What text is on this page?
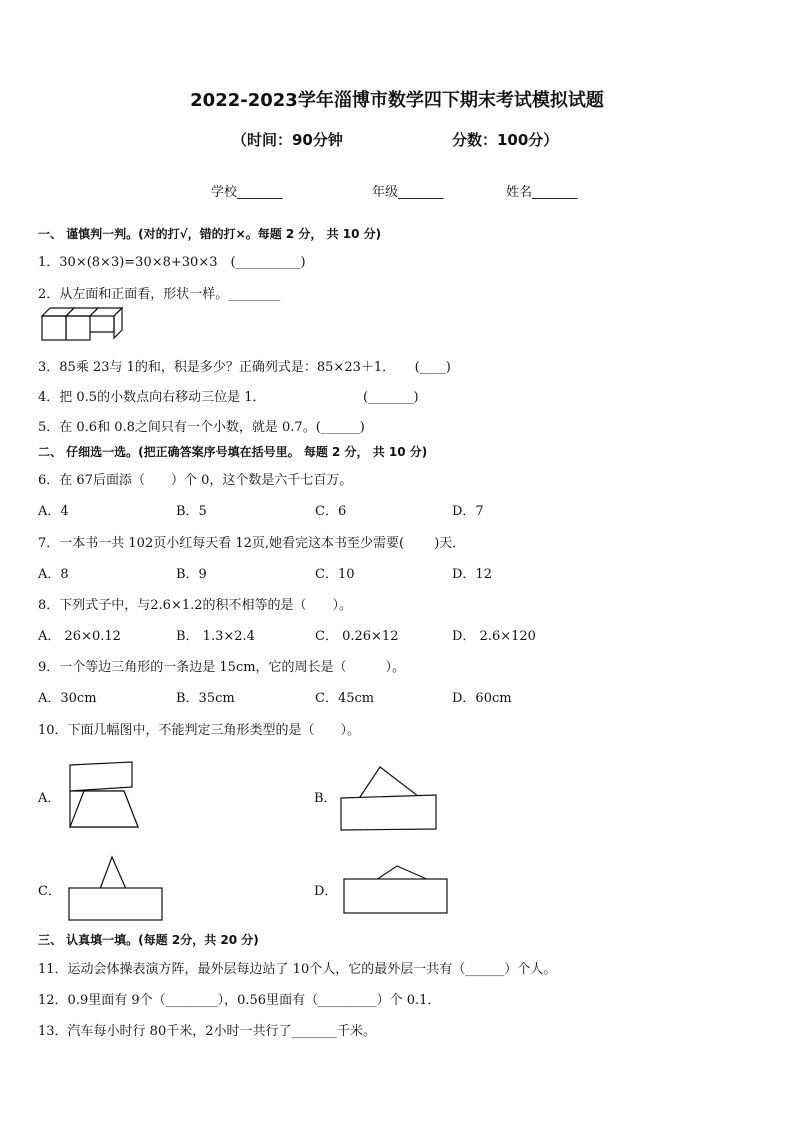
2022-2023学年淄博市数学四下期末考试模拟试题
（时间：90分钟	分数：100分）
学校_______	年级_______	姓名_______
一、 谨慎判一判。(对的打√，错的打×。每题 2 分， 共 10 分)
1．30×(8×3)=30×8+30×3　(__________)
2．从左面和正面看，形状一样。________
3．85乘 23与 1的和，积是多少？正确列式是：85×23＋1．　　(____)
4．把 0.5的小数点向右移动三位是 1．　　　　　　　　(_______)
5．在 0.6和 0.8之间只有一个小数，就是 0.7。(______)
二、 仔细选一选。(把正确答案序号填在括号里。 每题 2 分， 共 10 分)
6．在 67后面添（　　）个 0，这个数是六千七百万。
A．4	B．5	C．6	D．7
7．一本书一共 102页小红每天看 12页,她看完这本书至少需要(　　 )天．
A．8	B．9	C．10	D．12
8．下列式子中，与2.6×1.2的积不相等的是（　　）。
A． 26×0.12	B． 1.3×2.4	C． 0.26×12	D． 2.6×120
9．一个等边三角形的一条边是 15cm，它的周长是（　　　）。
A．30cm	B．35cm	C．45cm	D．60cm
10．下面几幅图中，不能判定三角形类型的是（　　）。
A．	B．
C．	D．
三、 认真填一填。(每题 2分，共 20 分)
11．运动会体操表演方阵，最外层每边站了 10个人，它的最外层一共有（______）个人。
12．0.9里面有 9个（________），0.56里面有（_________）个 0.1．
13．汽车每小时行 80千米，2小时一共行了_______千米。
